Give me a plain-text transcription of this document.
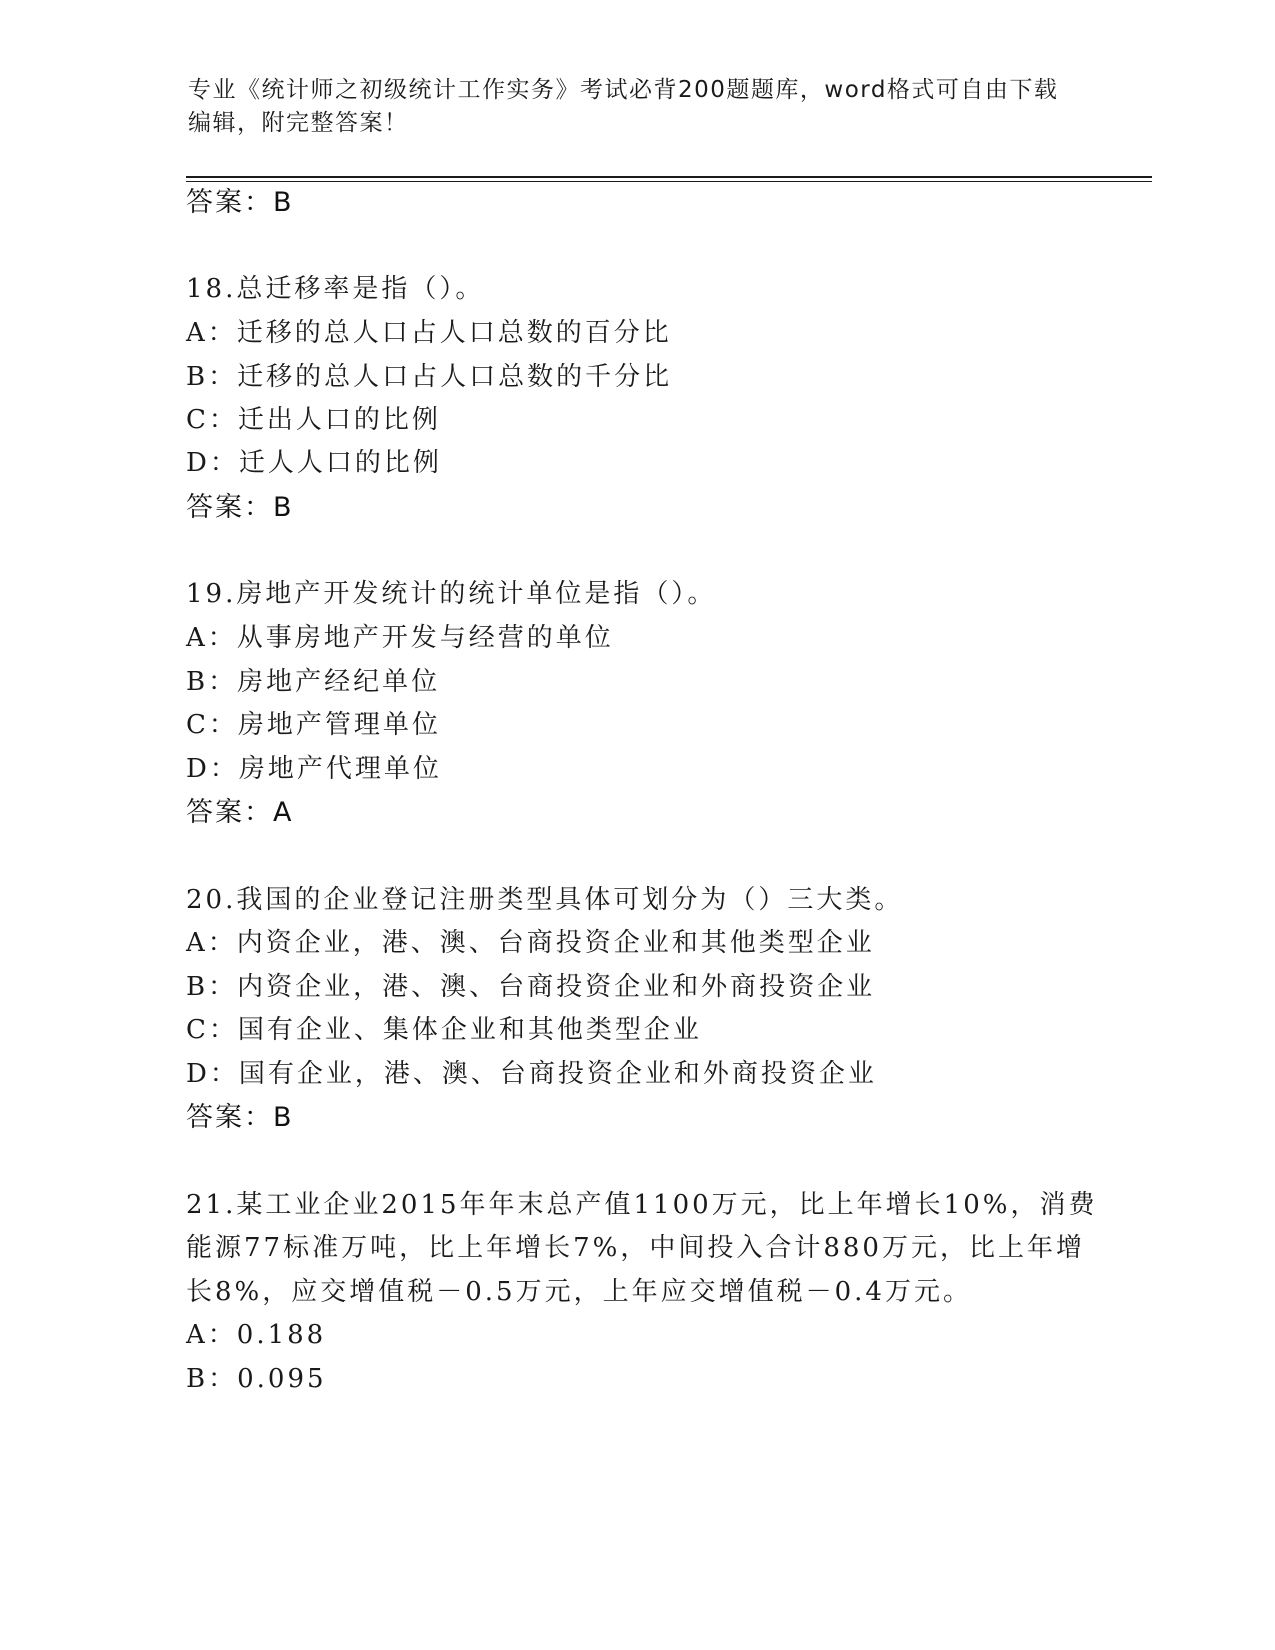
专业《统计师之初级统计工作实务》考试必背200题题库，word格式可自由下载
编辑，附完整答案！
答案：B
18.总迁移率是指（）。
A：迁移的总人口占人口总数的百分比
B：迁移的总人口占人口总数的千分比
C：迁出人口的比例
D：迁人人口的比例
答案：B
19.房地产开发统计的统计单位是指（）。
A：从事房地产开发与经营的单位
B：房地产经纪单位
C：房地产管理单位
D：房地产代理单位
答案：A
20.我国的企业登记注册类型具体可划分为（）三大类。
A：内资企业，港、澳、台商投资企业和其他类型企业
B：内资企业，港、澳、台商投资企业和外商投资企业
C：国有企业、集体企业和其他类型企业
D：国有企业，港、澳、台商投资企业和外商投资企业
答案：B
21.某工业企业2015年年末总产值1100万元，比上年增长10%，消费
能源77标准万吨，比上年增长7%，中间投入合计880万元，比上年增
长8%，应交增值税－0.5万元，上年应交增值税－0.4万元。
A：0.188
B：0.095
